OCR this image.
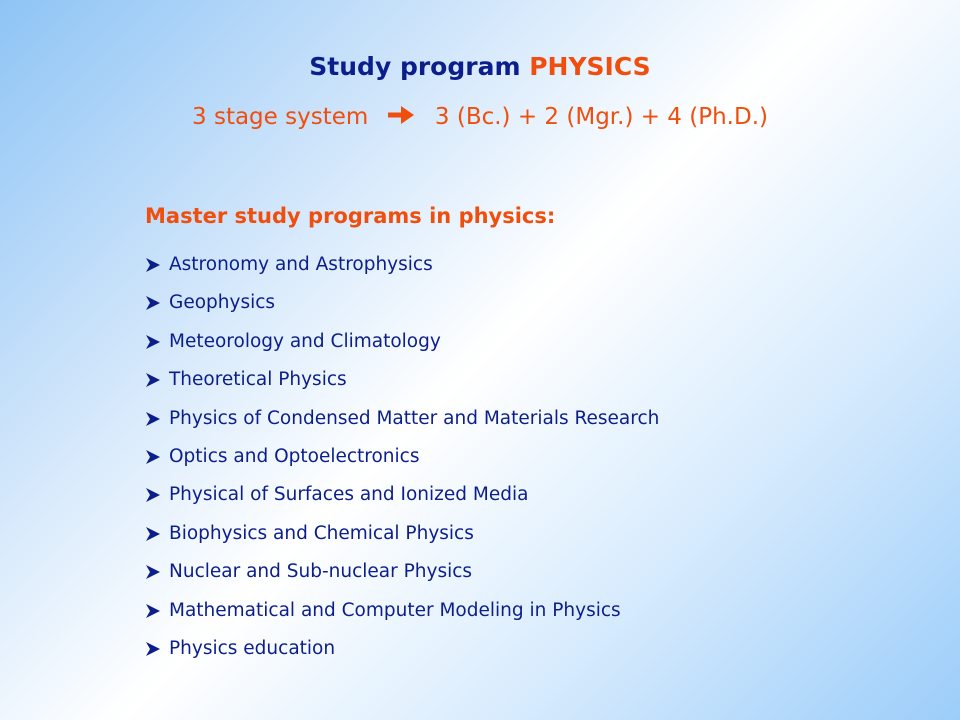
Study program PHYSICS
3 stage system	3 (Bc.) + 2 (Mgr.) + 4 (Ph.D.)
Master study programs in physics:
Astronomy and Astrophysics
Geophysics
Meteorology and Climatology
Theoretical Physics
Physics of Condensed Matter and Materials Research
Optics and Optoelectronics
Physical of Surfaces and Ionized Media
Biophysics and Chemical Physics
Nuclear and Sub-nuclear Physics
Mathematical and Computer Modeling in Physics
Physics education
